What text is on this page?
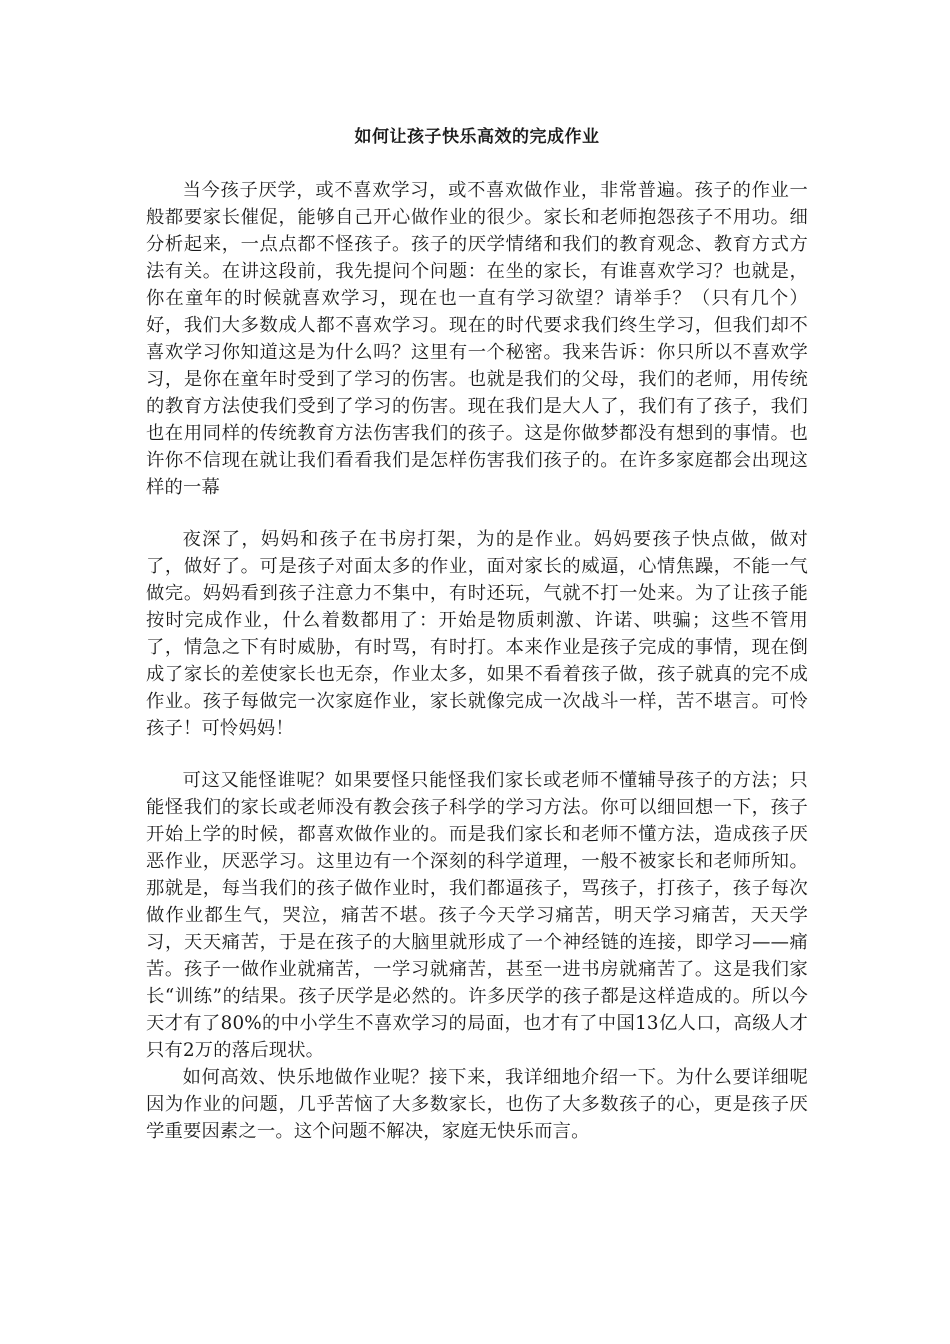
如何让孩子快乐高效的完成作业

当今孩子厌学，或不喜欢学习，或不喜欢做作业，非常普遍。孩子的作业一般都要家长催促，能够自己开心做作业的很少。家长和老师抱怨孩子不用功。细分析起来，一点点都不怪孩子。孩子的厌学情绪和我们的教育观念、教育方式方法有关。在讲这段前，我先提问个问题：在坐的家长，有谁喜欢学习？也就是，你在童年的时候就喜欢学习，现在也一直有学习欲望？请举手？（只有几个）好，我们大多数成人都不喜欢学习。现在的时代要求我们终生学习，但我们却不喜欢学习你知道这是为什么吗？这里有一个秘密。我来告诉：你只所以不喜欢学习，是你在童年时受到了学习的伤害。也就是我们的父母，我们的老师，用传统的教育方法使我们受到了学习的伤害。现在我们是大人了，我们有了孩子，我们也在用同样的传统教育方法伤害我们的孩子。这是你做梦都没有想到的事情。也许你不信现在就让我们看看我们是怎样伤害我们孩子的。在许多家庭都会出现这样的一幕

夜深了，妈妈和孩子在书房打架，为的是作业。妈妈要孩子快点做，做对了，做好了。可是孩子对面太多的作业，面对家长的威逼，心情焦躁，不能一气做完。妈妈看到孩子注意力不集中，有时还玩，气就不打一处来。为了让孩子能按时完成作业，什么着数都用了：开始是物质刺激、许诺、哄骗；这些不管用了，情急之下有时威胁，有时骂，有时打。本来作业是孩子完成的事情，现在倒成了家长的差使家长也无奈，作业太多，如果不看着孩子做，孩子就真的完不成作业。孩子每做完一次家庭作业，家长就像完成一次战斗一样，苦不堪言。可怜孩子！可怜妈妈！

可这又能怪谁呢？如果要怪只能怪我们家长或老师不懂辅导孩子的方法；只能怪我们的家长或老师没有教会孩子科学的学习方法。你可以细回想一下，孩子开始上学的时候，都喜欢做作业的。而是我们家长和老师不懂方法，造成孩子厌恶作业，厌恶学习。这里边有一个深刻的科学道理，一般不被家长和老师所知。那就是，每当我们的孩子做作业时，我们都逼孩子，骂孩子，打孩子，孩子每次做作业都生气，哭泣，痛苦不堪。孩子今天学习痛苦，明天学习痛苦，天天学习，天天痛苦，于是在孩子的大脑里就形成了一个神经链的连接，即学习——痛苦。孩子一做作业就痛苦，一学习就痛苦，甚至一进书房就痛苦了。这是我们家长“训练”的结果。孩子厌学是必然的。许多厌学的孩子都是这样造成的。所以今天才有了80%的中小学生不喜欢学习的局面，也才有了中国13亿人口，高级人才只有2万的落后现状。

如何高效、快乐地做作业呢？接下来，我详细地介绍一下。为什么要详细呢因为作业的问题，几乎苦恼了大多数家长，也伤了大多数孩子的心，更是孩子厌学重要因素之一。这个问题不解决，家庭无快乐而言。
